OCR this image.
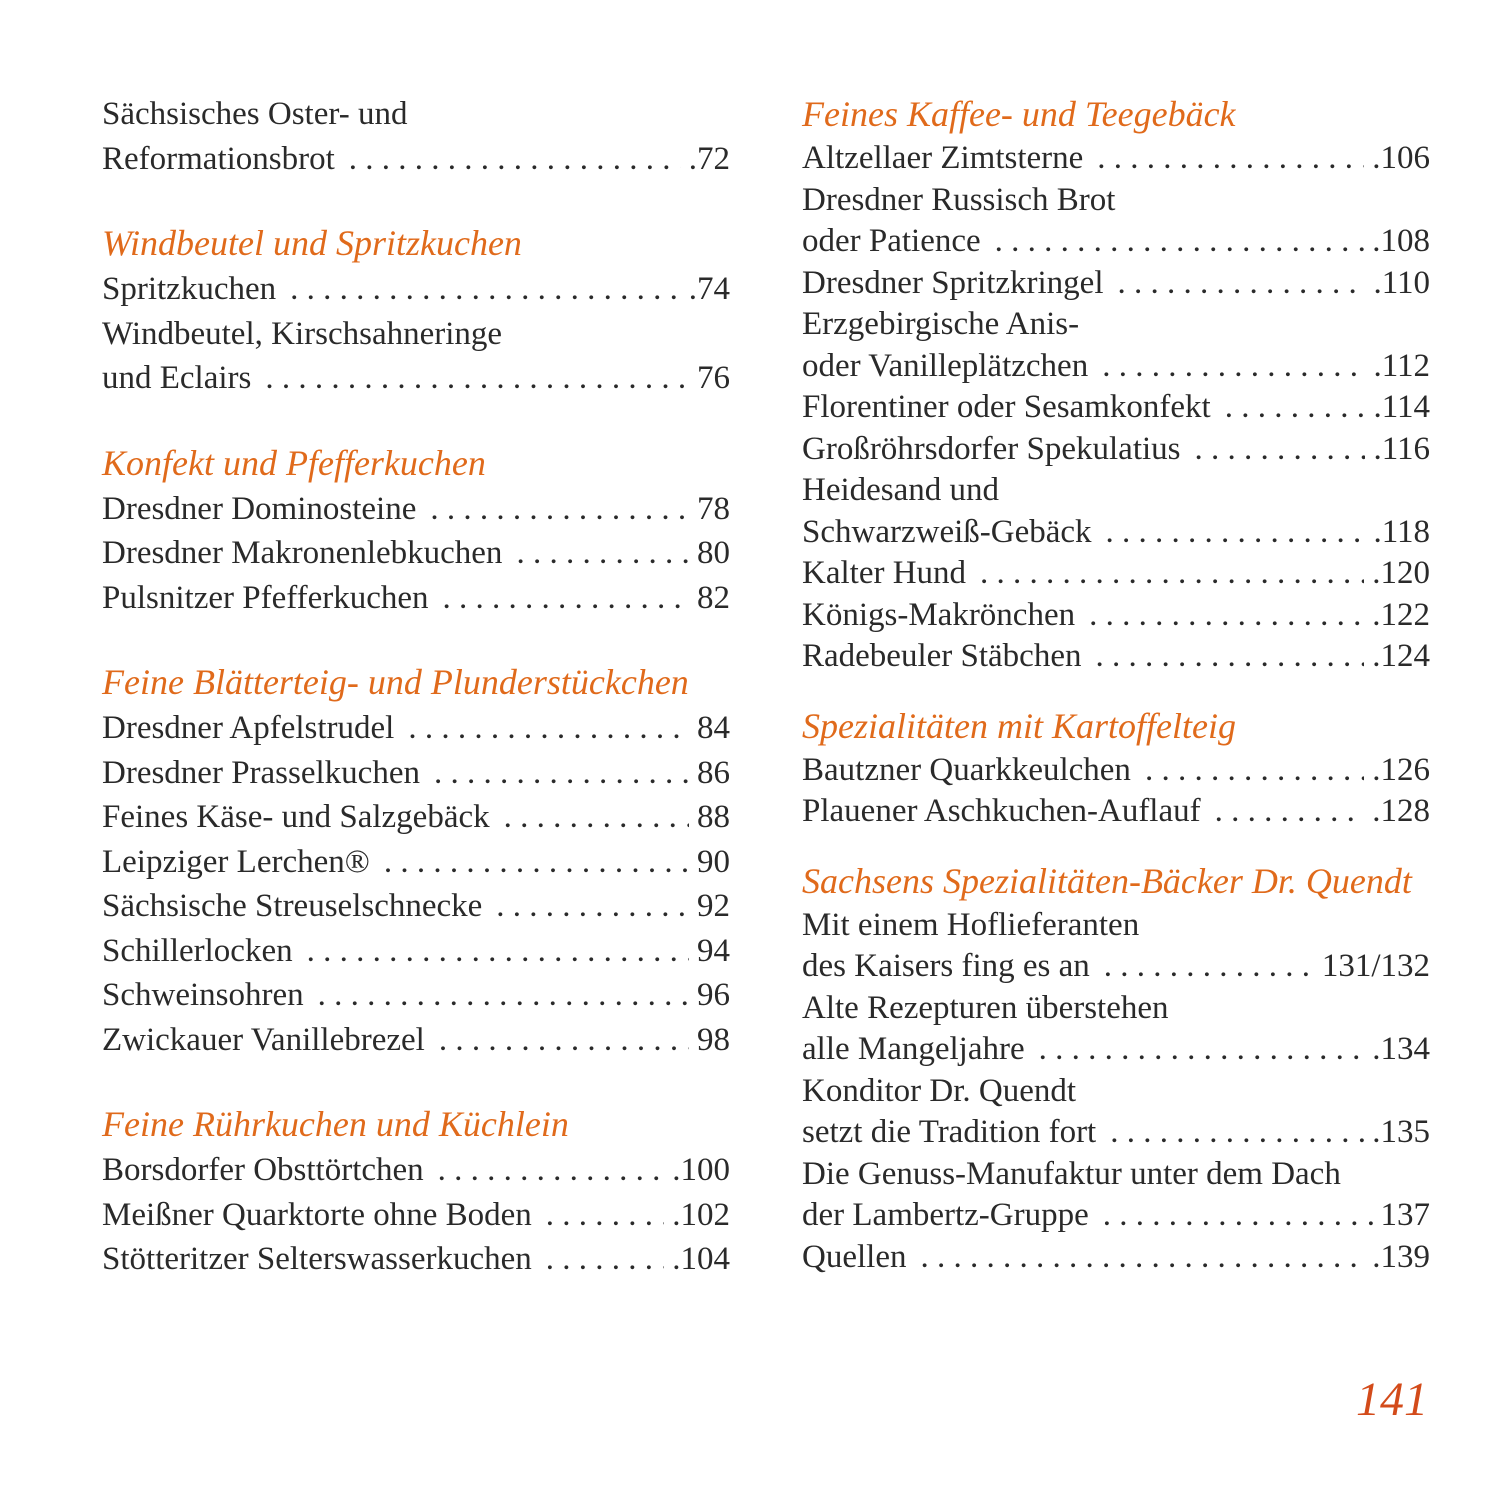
Sächsisches Oster- und
Reformationsbrot .....	.72
Windbeutel und Spritzkuchen
Spritzkuchen .....	.74
Windbeutel, Kirschsahneringe
und Eclairs .....	76
Konfekt und Pfefferkuchen
Dresdner Dominosteine .....	78
Dresdner Makronenlebkuchen .....	80
Pulsnitzer Pfefferkuchen .....	82
Feine Blätterteig- und Plunderstückchen
Dresdner Apfelstrudel .....	84
Dresdner Prasselkuchen .....	86
Feines Käse- und Salzgebäck .....	88
Leipziger Lerchen® .....	90
Sächsische Streuselschnecke .....	92
Schillerlocken .....	94
Schweinsohren .....	96
Zwickauer Vanillebrezel .....	98
Feine Rührkuchen und Küchlein
Borsdorfer Obsttörtchen .....	.100
Meißner Quarktorte ohne Boden .....	.102
Stötteritzer Selterswasserkuchen .....	.104
Feines Kaffee- und Teegebäck
Altzellaer Zimtsterne .....	.106
Dresdner Russisch Brot
oder Patience .....	.108
Dresdner Spritzkringel .....	.110
Erzgebirgische Anis-
oder Vanilleplätzchen .....	.112
Florentiner oder Sesamkonfekt .....	.114
Großröhrsdorfer Spekulatius .....	.116
Heidesand und
Schwarzweiß-Gebäck .....	.118
Kalter Hund .....	.120
Königs-Makrönchen .....	.122
Radebeuler Stäbchen .....	.124
Spezialitäten mit Kartoffelteig
Bautzner Quarkkeulchen .....	.126
Plauener Aschkuchen-Auflauf .....	.128
Sachsens Spezialitäten-Bäcker Dr. Quendt
Mit einem Hoflieferanten
des Kaisers fing es an .....	131/132
Alte Rezepturen überstehen
alle Mangeljahre .....	.134
Konditor Dr. Quendt
setzt die Tradition fort .....	.135
Die Genuss-Manufaktur unter dem Dach
der Lambertz-Gruppe .....	137
Quellen .....	.139
141
